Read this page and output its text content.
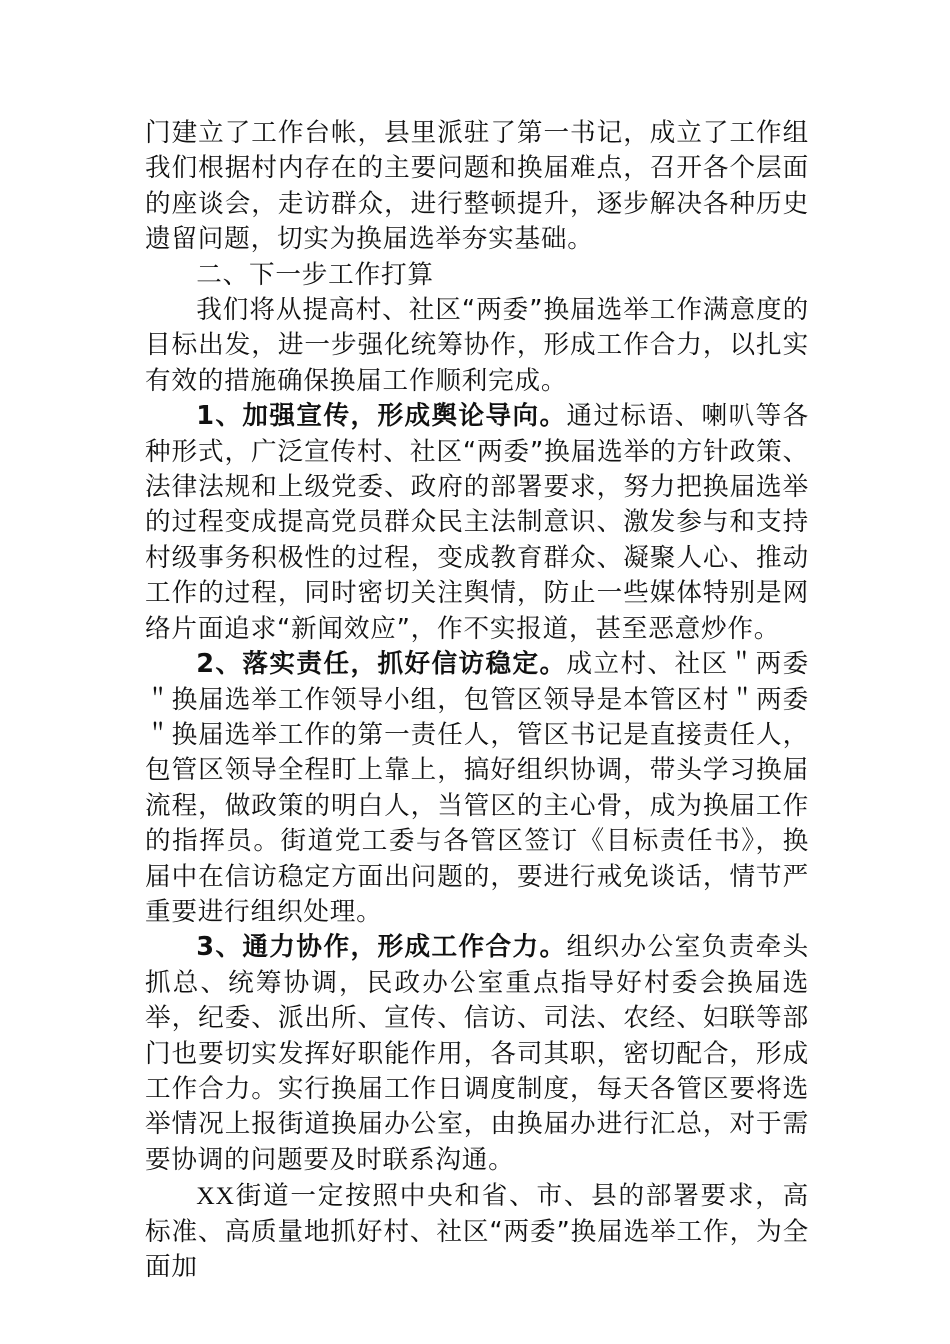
门建立了工作台帐，县里派驻了第一书记，成立了工作组我们根据村内存在的主要问题和换届难点，召开各个层面的座谈会，走访群众，进行整顿提升，逐步解决各种历史遗留问题，切实为换届选举夯实基础。

二、下一步工作打算

我们将从提高村、社区“两委”换届选举工作满意度的目标出发，进一步强化统筹协作，形成工作合力，以扎实有效的措施确保换届工作顺利完成。

1、加强宣传，形成舆论导向。通过标语、喇叭等各种形式，广泛宣传村、社区“两委”换届选举的方针政策、法律法规和上级党委、政府的部署要求，努力把换届选举的过程变成提高党员群众民主法制意识、激发参与和支持村级事务积极性的过程，变成教育群众、凝聚人心、推动工作的过程，同时密切关注舆情，防止一些媒体特别是网络片面追求“新闻效应”，作不实报道，甚至恶意炒作。

2、落实责任，抓好信访稳定。成立村、社区＂两委＂换届选举工作领导小组，包管区领导是本管区村＂两委＂换届选举工作的第一责任人，管区书记是直接责任人，包管区领导全程盯上靠上，搞好组织协调，带头学习换届流程，做政策的明白人，当管区的主心骨，成为换届工作的指挥员。街道党工委与各管区签订《目标责任书》，换届中在信访稳定方面出问题的，要进行戒免谈话，情节严重要进行组织处理。

3、通力协作，形成工作合力。组织办公室负责牵头抓总、统筹协调，民政办公室重点指导好村委会换届选举，纪委、派出所、宣传、信访、司法、农经、妇联等部门也要切实发挥好职能作用，各司其职，密切配合，形成工作合力。实行换届工作日调度制度，每天各管区要将选举情况上报街道换届办公室，由换届办进行汇总，对于需要协调的问题要及时联系沟通。

XX街道一定按照中央和省、市、县的部署要求，高标准、高质量地抓好村、社区“两委”换届选举工作，为全面加
